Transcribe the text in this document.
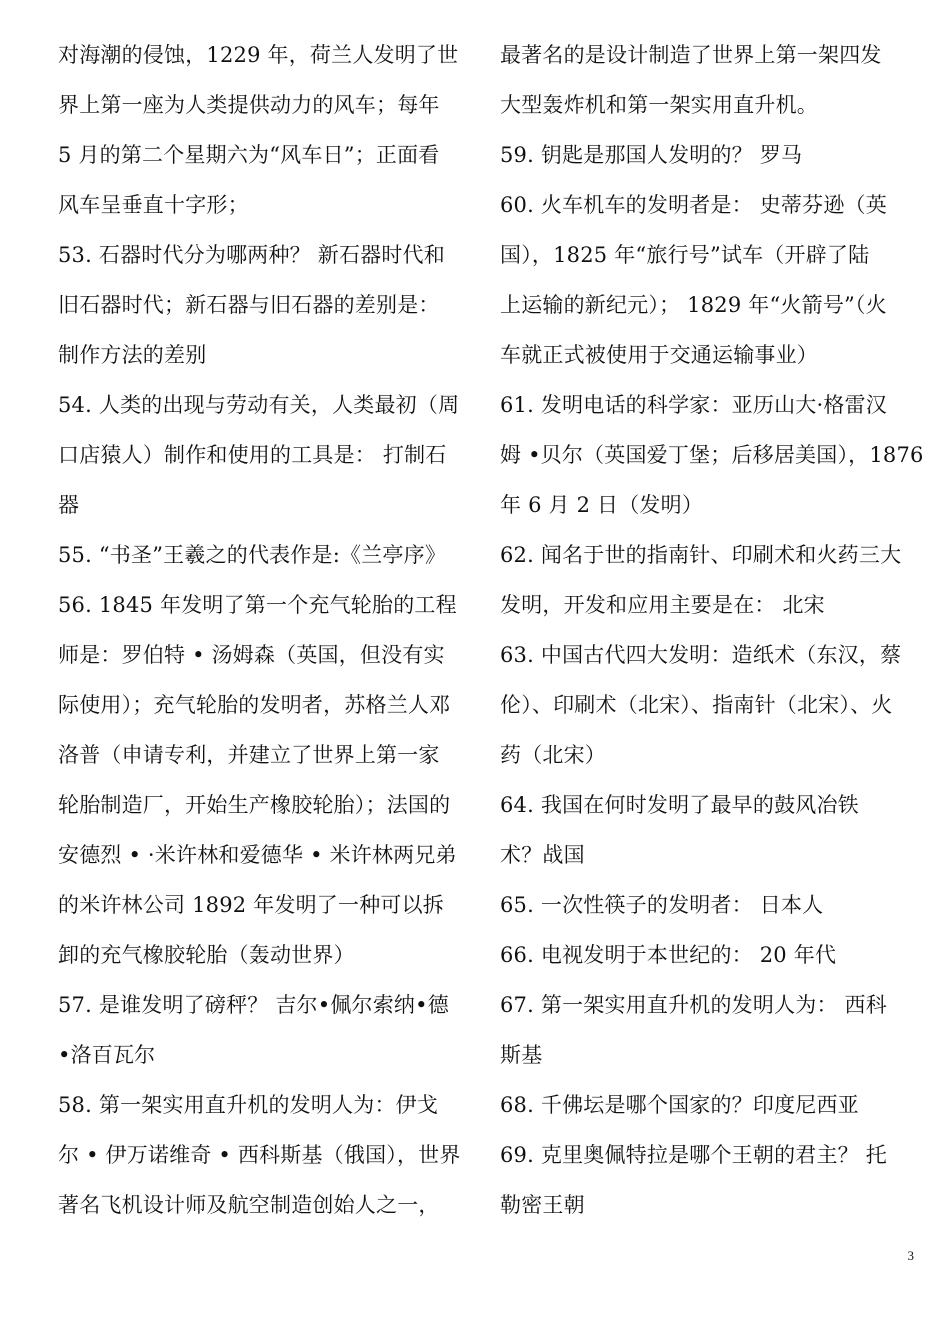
对海潮的侵蚀，1229 年，荷兰人发明了世
界上第一座为人类提供动力的风车；每年
5 月的第二个星期六为“风车日”；正面看
风车呈垂直十字形；
53. 石器时代分为哪两种？ 新石器时代和
旧石器时代；新石器与旧石器的差别是：
制作方法的差别
54. 人类的出现与劳动有关，人类最初（周
口店猿人）制作和使用的工具是： 打制石
器
55. “书圣”王羲之的代表作是:《兰亭序》
56. 1845 年发明了第一个充气轮胎的工程
师是：罗伯特 • 汤姆森（英国，但没有实
际使用）；充气轮胎的发明者，苏格兰人邓
洛普（申请专利，并建立了世界上第一家
轮胎制造厂，开始生产橡胶轮胎）；法国的
安德烈 • ·米许林和爱德华 • 米许林两兄弟
的米许林公司 1892 年发明了一种可以拆
卸的充气橡胶轮胎（轰动世界）
57. 是谁发明了磅秤？ 吉尔•佩尔索纳•德
•洛百瓦尔
58. 第一架实用直升机的发明人为：伊戈
尔 • 伊万诺维奇 • 西科斯基（俄国），世界
著名飞机设计师及航空制造创始人之一，
最著名的是设计制造了世界上第一架四发
大型轰炸机和第一架实用直升机。
59. 钥匙是那国人发明的？ 罗马
60. 火车机车的发明者是： 史蒂芬逊（英
国），1825 年“旅行号”试车（开辟了陆
上运输的新纪元）； 1829 年“火箭号”（火
车就正式被使用于交通运输事业）
61. 发明电话的科学家：亚历山大·格雷汉
姆 •贝尔（英国爱丁堡；后移居美国），1876
年 6 月 2 日（发明）
62. 闻名于世的指南针、印刷术和火药三大
发明，开发和应用主要是在： 北宋
63. 中国古代四大发明：造纸术（东汉，蔡
伦）、印刷术（北宋）、指南针（北宋）、火
药（北宋）
64. 我国在何时发明了最早的鼓风冶铁
术？战国
65. 一次性筷子的发明者： 日本人
66. 电视发明于本世纪的： 20 年代
67. 第一架实用直升机的发明人为： 西科
斯基
68. 千佛坛是哪个国家的？印度尼西亚
69. 克里奥佩特拉是哪个王朝的君主？ 托
勒密王朝
3
